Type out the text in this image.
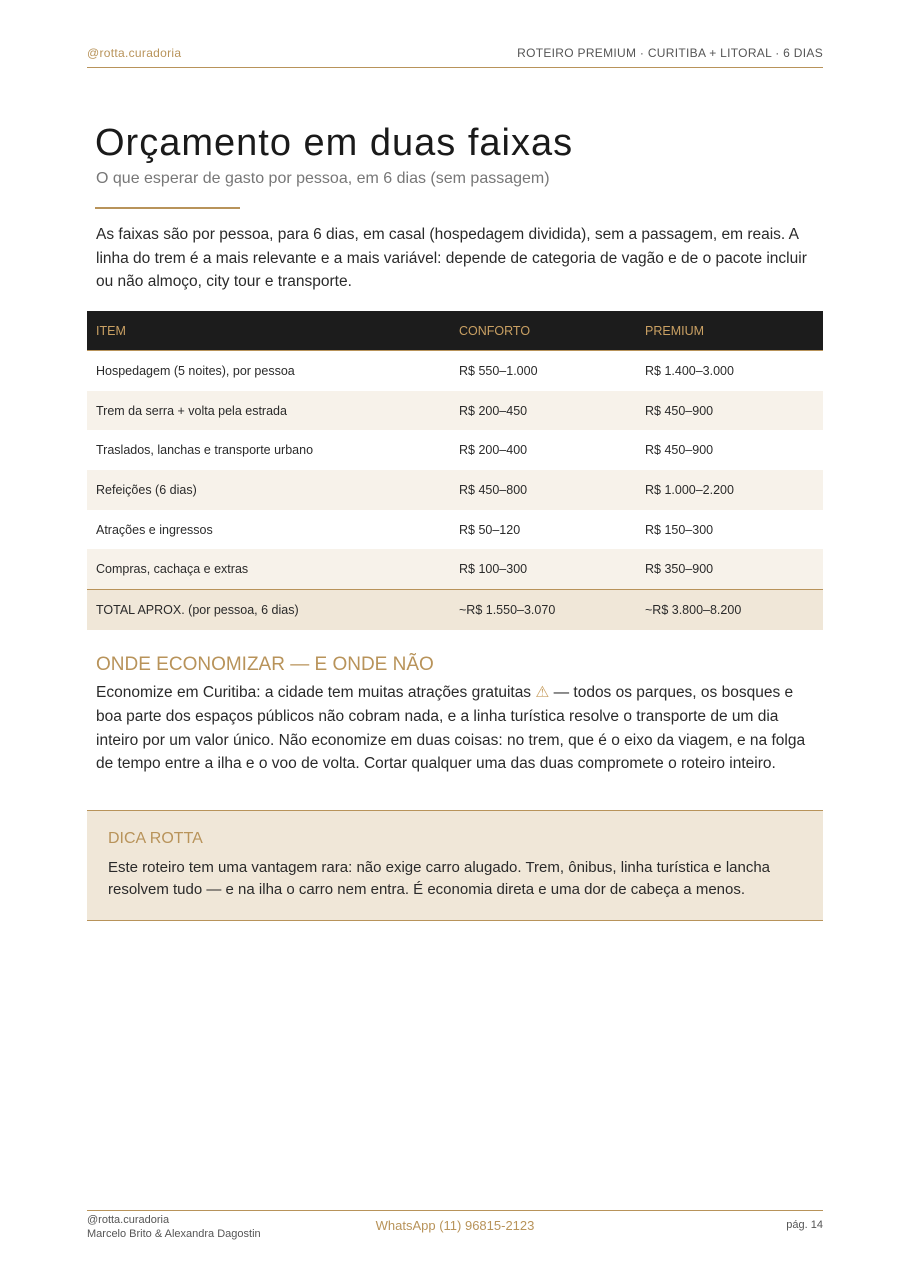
@rotta.curadoria	ROTEIRO PREMIUM · CURITIBA + LITORAL · 6 DIAS
Orçamento em duas faixas
O que esperar de gasto por pessoa, em 6 dias (sem passagem)

As faixas são por pessoa, para 6 dias, em casal (hospedagem dividida), sem a passagem, em reais. A linha do trem é a mais relevante e a mais variável: depende de categoria de vagão e de o pacote incluir ou não almoço, city tour e transporte.

ITEM	CONFORTO	PREMIUM
Hospedagem (5 noites), por pessoa	R$ 550–1.000	R$ 1.400–3.000
Trem da serra + volta pela estrada	R$ 200–450	R$ 450–900
Traslados, lanchas e transporte urbano	R$ 200–400	R$ 450–900
Refeições (6 dias)	R$ 450–800	R$ 1.000–2.200
Atrações e ingressos	R$ 50–120	R$ 150–300
Compras, cachaça e extras	R$ 100–300	R$ 350–900
TOTAL APROX. (por pessoa, 6 dias)	~R$ 1.550–3.070	~R$ 3.800–8.200
ONDE ECONOMIZAR — E ONDE NÃO

Economize em Curitiba: a cidade tem muitas atrações gratuitas ⚠ — todos os parques, os bosques e boa parte dos espaços públicos não cobram nada, e a linha turística resolve o transporte de um dia inteiro por um valor único. Não economize em duas coisas: no trem, que é o eixo da viagem, e na folga de tempo entre a ilha e o voo de volta. Cortar qualquer uma das duas compromete o roteiro inteiro.

DICA ROTTA
Este roteiro tem uma vantagem rara: não exige carro alugado. Trem, ônibus, linha turística e lancha resolvem tudo — e na ilha o carro nem entra. É economia direta e uma dor de cabeça a menos.
@rotta.curadoria
Marcelo Brito & Alexandra Dagostin
WhatsApp (11) 96815-2123	pág. 14
